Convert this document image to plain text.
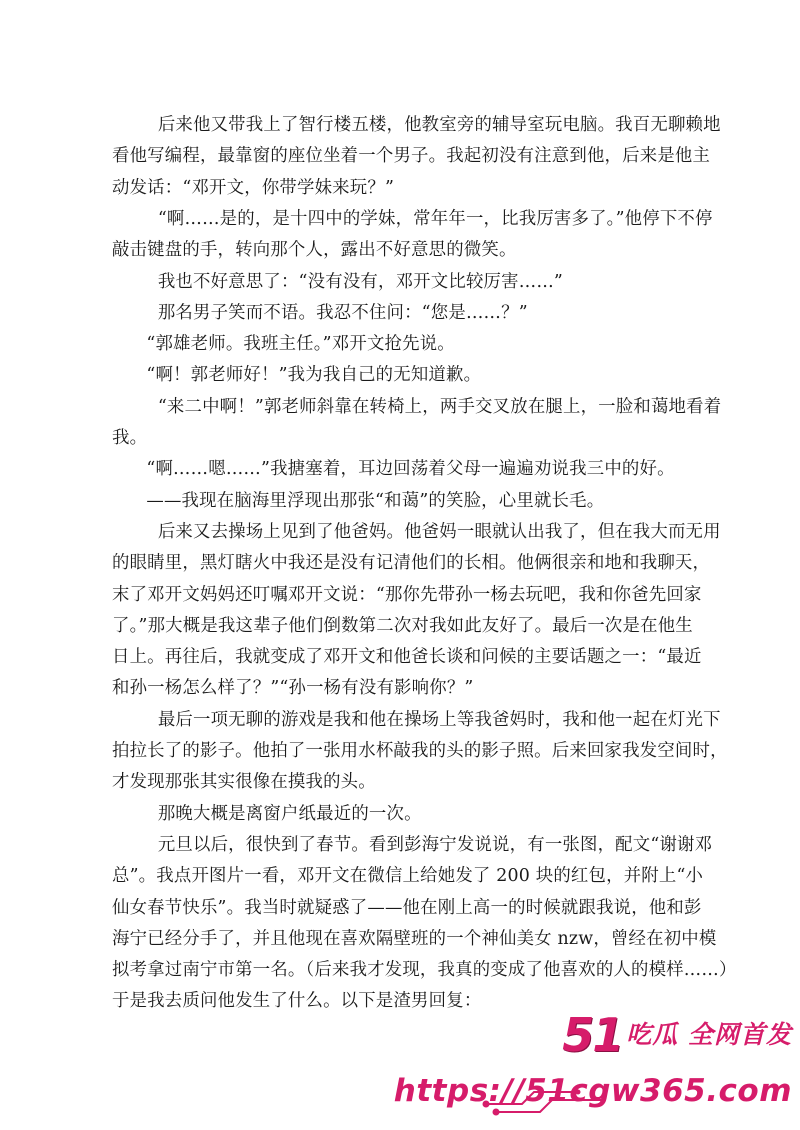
后来他又带我上了智行楼五楼，他教室旁的辅导室玩电脑。我百无聊赖地
看他写编程，最靠窗的座位坐着一个男子。我起初没有注意到他，后来是他主
动发话：“邓开文，你带学妹来玩？”
“啊……是的，是十四中的学妹，常年年一，比我厉害多了。”他停下不停
敲击键盘的手，转向那个人，露出不好意思的微笑。
我也不好意思了：“没有没有，邓开文比较厉害……”
那名男子笑而不语。我忍不住问：“您是……？”
“郭雄老师。我班主任。”邓开文抢先说。
“啊！郭老师好！”我为我自己的无知道歉。
“来二中啊！”郭老师斜靠在转椅上，两手交叉放在腿上，一脸和蔼地看着
我。
“啊……嗯……”我搪塞着，耳边回荡着父母一遍遍劝说我三中的好。
——我现在脑海里浮现出那张“和蔼”的笑脸，心里就长毛。
后来又去操场上见到了他爸妈。他爸妈一眼就认出我了，但在我大而无用
的眼睛里，黑灯瞎火中我还是没有记清他们的长相。他俩很亲和地和我聊天，
末了邓开文妈妈还叮嘱邓开文说：“那你先带孙一杨去玩吧，我和你爸先回家
了。”那大概是我这辈子他们倒数第二次对我如此友好了。最后一次是在他生
日上。再往后，我就变成了邓开文和他爸长谈和问候的主要话题之一：“最近
和孙一杨怎么样了？”“孙一杨有没有影响你？”
最后一项无聊的游戏是我和他在操场上等我爸妈时，我和他一起在灯光下
拍拉长了的影子。他拍了一张用水杯敲我的头的影子照。后来回家我发空间时，
才发现那张其实很像在摸我的头。
那晚大概是离窗户纸最近的一次。
元旦以后，很快到了春节。看到彭海宁发说说，有一张图，配文“谢谢邓
总”。我点开图片一看，邓开文在微信上给她发了 200 块的红包，并附上“小
仙女春节快乐”。我当时就疑惑了——他在刚上高一的时候就跟我说，他和彭
海宁已经分手了，并且他现在喜欢隔壁班的一个神仙美女 nzw，曾经在初中模
拟考拿过南宁市第一名。（后来我才发现，我真的变成了他喜欢的人的模样……）
于是我去质问他发生了什么。以下是渣男回复：
51 吃瓜 全网首发
https://51cgw365.com
